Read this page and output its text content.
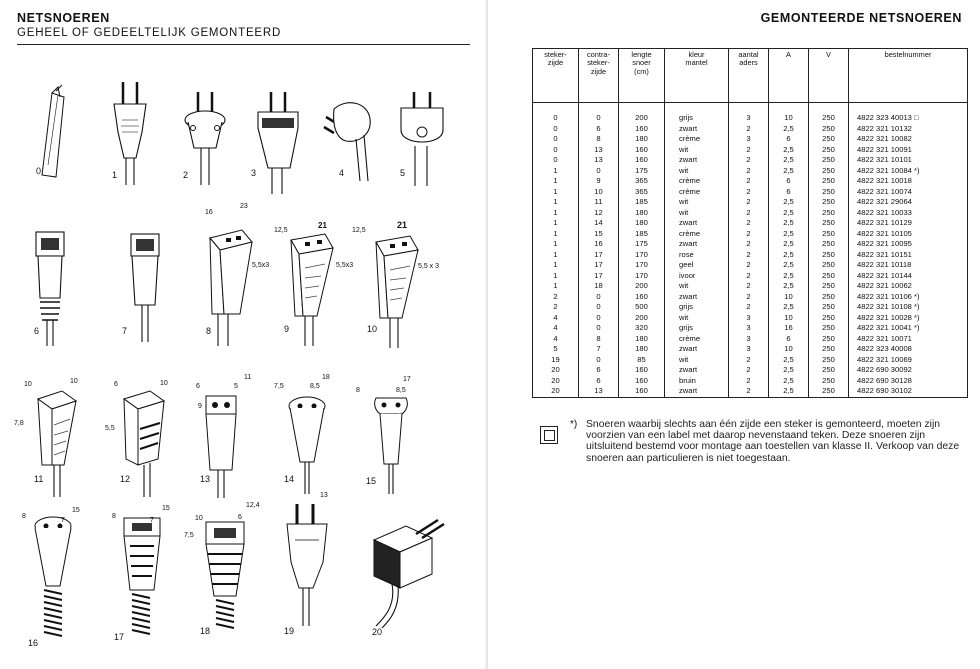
NETSNOEREN
GEHEEL OF GEDEELTELIJK GEMONTEERD
0	1	2	3	4	5
6	7
16
23
5,5x3
8
12,5
21
5,5x3
9
12,5
21
5,5 x 3
10
10	10
7,8
11
6	10
5,5
12
6	5
11
9
13
7,5	8,5
18
14
8	8,5
17
15
8
7
15
16
8
7
15
17
10	6
12,4
7,5
18
13
19	20
GEMONTEERDE NETSNOEREN
steker-
zijde	contra-
steker-
zijde	lengte
snoer
(cm)	kleur
mantel	aantal
aders	A	V	bestelnummer

0	0	200	grijs	3	10	250	4822 323 40013 □
0	6	160	zwart	2	2,5	250	4822 321 10132
0	8	180	crème	3	6	250	4822 321 10082
0	13	160	wit	2	2,5	250	4822 321 10091
0	13	160	zwart	2	2,5	250	4822 321 10101
1	0	175	wit	2	2,5	250	4822 321 10084 *)
1	9	365	crème	2	6	250	4822 321 10018
1	10	365	crème	2	6	250	4822 321 10074
1	11	185	wit	2	2,5	250	4822 321 29064
1	12	180	wit	2	2,5	250	4822 321 10033
1	14	180	zwart	2	2,5	250	4822 321 10129
1	15	185	crème	2	2,5	250	4822 321 10105
1	16	175	zwart	2	2,5	250	4822 321 10095
1	17	170	rose	2	2,5	250	4822 321 10151
1	17	170	geel	2	2,5	250	4822 321 10118
1	17	170	ivoor	2	2,5	250	4822 321 10144
1	18	200	wit	2	2,5	250	4822 321 10062
2	0	160	zwart	2	10	250	4822 321 10106 *)
2	0	500	grijs	2	2,5	250	4822 321 10108 *)
4	0	200	wit	3	10	250	4822 321 10028 *)
4	0	320	grijs	3	16	250	4822 321 10041 *)
4	8	180	crème	3	6	250	4822 321 10071
5	7	180	zwart	3	10	250	4822 323 40008
19	0	85	wit	2	2,5	250	4822 321 10069
20	6	160	zwart	2	2,5	250	4822 690 30092
20	6	160	bruin	2	2,5	250	4822 690 30128
20	13	160	zwart	2	2,5	250	4822 690 30102
*) Snoeren waarbij slechts aan één zijde een steker is gemonteerd, moeten zijn voorzien van een label met daarop nevenstaand teken. Deze snoeren zijn uitsluitend bestemd voor montage aan toestellen van klasse II. Verkoop van deze snoeren aan particulieren is niet toegestaan.
